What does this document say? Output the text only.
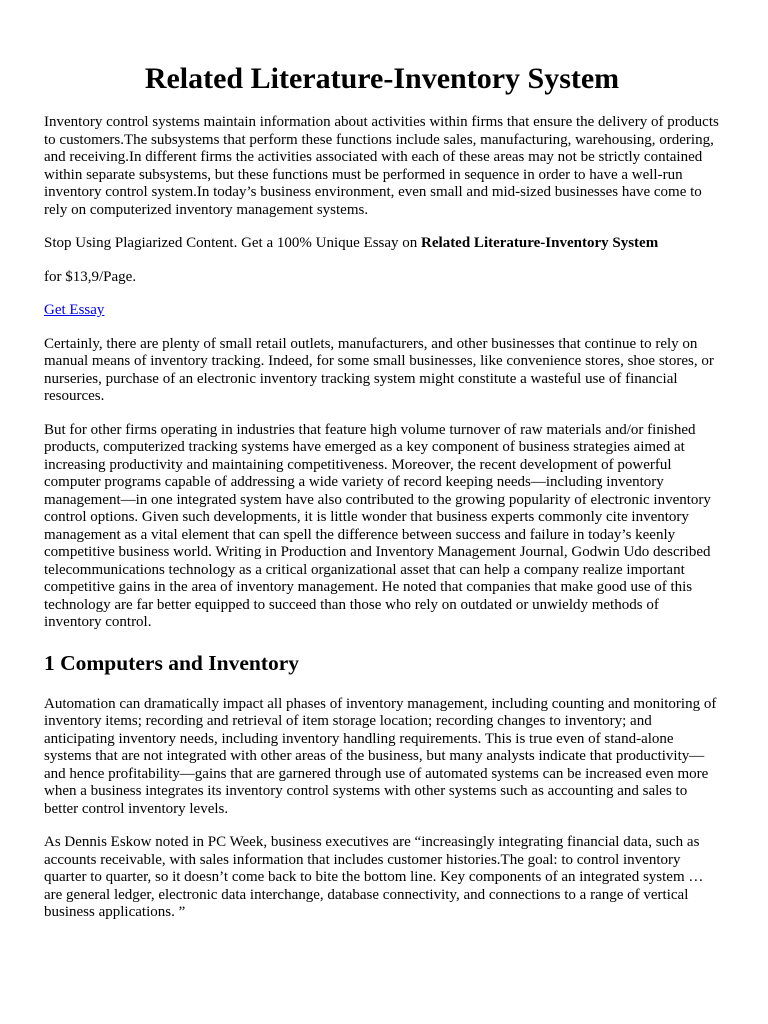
Related Literature-Inventory System

Inventory control systems maintain information about activities within firms that ensure the delivery of products to customers.The subsystems that perform these functions include sales, manufacturing, warehousing, ordering, and receiving.In different firms the activities associated with each of these areas may not be strictly contained within separate subsystems, but these functions must be performed in sequence in order to have a well-run inventory control system.In today’s business environment, even small and mid-sized businesses have come to rely on computerized inventory management systems.

Stop Using Plagiarized Content. Get a 100% Unique Essay on Related Literature-Inventory System

for $13,9/Page.

Get Essay

Certainly, there are plenty of small retail outlets, manufacturers, and other businesses that continue to rely on manual means of inventory tracking. Indeed, for some small businesses, like convenience stores, shoe stores, or nurseries, purchase of an electronic inventory tracking system might constitute a wasteful use of financial resources.

But for other firms operating in industries that feature high volume turnover of raw materials and/or finished products, computerized tracking systems have emerged as a key component of business strategies aimed at increasing productivity and maintaining competitiveness. Moreover, the recent development of powerful computer programs capable of addressing a wide variety of record keeping needs—including inventory management—in one integrated system have also contributed to the growing popularity of electronic inventory control options. Given such developments, it is little wonder that business experts commonly cite inventory management as a vital element that can spell the difference between success and failure in today’s keenly competitive business world. Writing in Production and Inventory Management Journal, Godwin Udo described telecommunications technology as a critical organizational asset that can help a company realize important competitive gains in the area of inventory management. He noted that companies that make good use of this technology are far better equipped to succeed than those who rely on outdated or unwieldy methods of inventory control.

1 Computers and Inventory

Automation can dramatically impact all phases of inventory management, including counting and monitoring of inventory items; recording and retrieval of item storage location; recording changes to inventory; and anticipating inventory needs, including inventory handling requirements. This is true even of stand-alone systems that are not integrated with other areas of the business, but many analysts indicate that productivity—and hence profitability—gains that are garnered through use of automated systems can be increased even more when a business integrates its inventory control systems with other systems such as accounting and sales to better control inventory levels.

As Dennis Eskow noted in PC Week, business executives are “increasingly integrating financial data, such as accounts receivable, with sales information that includes customer histories.The goal: to control inventory quarter to quarter, so it doesn’t come back to bite the bottom line. Key components of an integrated system … are general ledger, electronic data interchange, database connectivity, and connections to a range of vertical business applications. ”
